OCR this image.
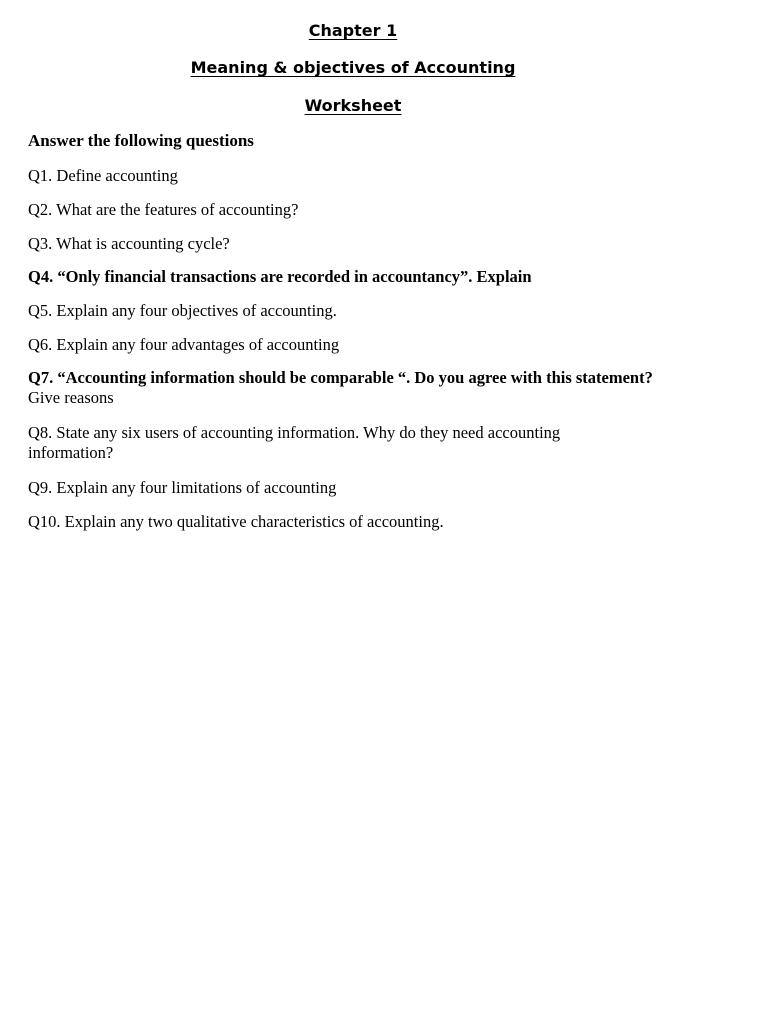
Chapter 1
Meaning & objectives of Accounting
Worksheet
Answer the following questions
Q1. Define accounting
Q2. What are the features of accounting?
Q3. What is accounting cycle?
Q4. “Only financial transactions are recorded in accountancy”. Explain
Q5. Explain any four objectives of accounting.
Q6. Explain any four advantages of accounting
Q7. “Accounting information should be comparable “. Do you agree with this statement?
Give reasons
Q8. State any six users of accounting information. Why do they need accounting
information?
Q9. Explain any four limitations of accounting
Q10. Explain any two qualitative characteristics of accounting.
